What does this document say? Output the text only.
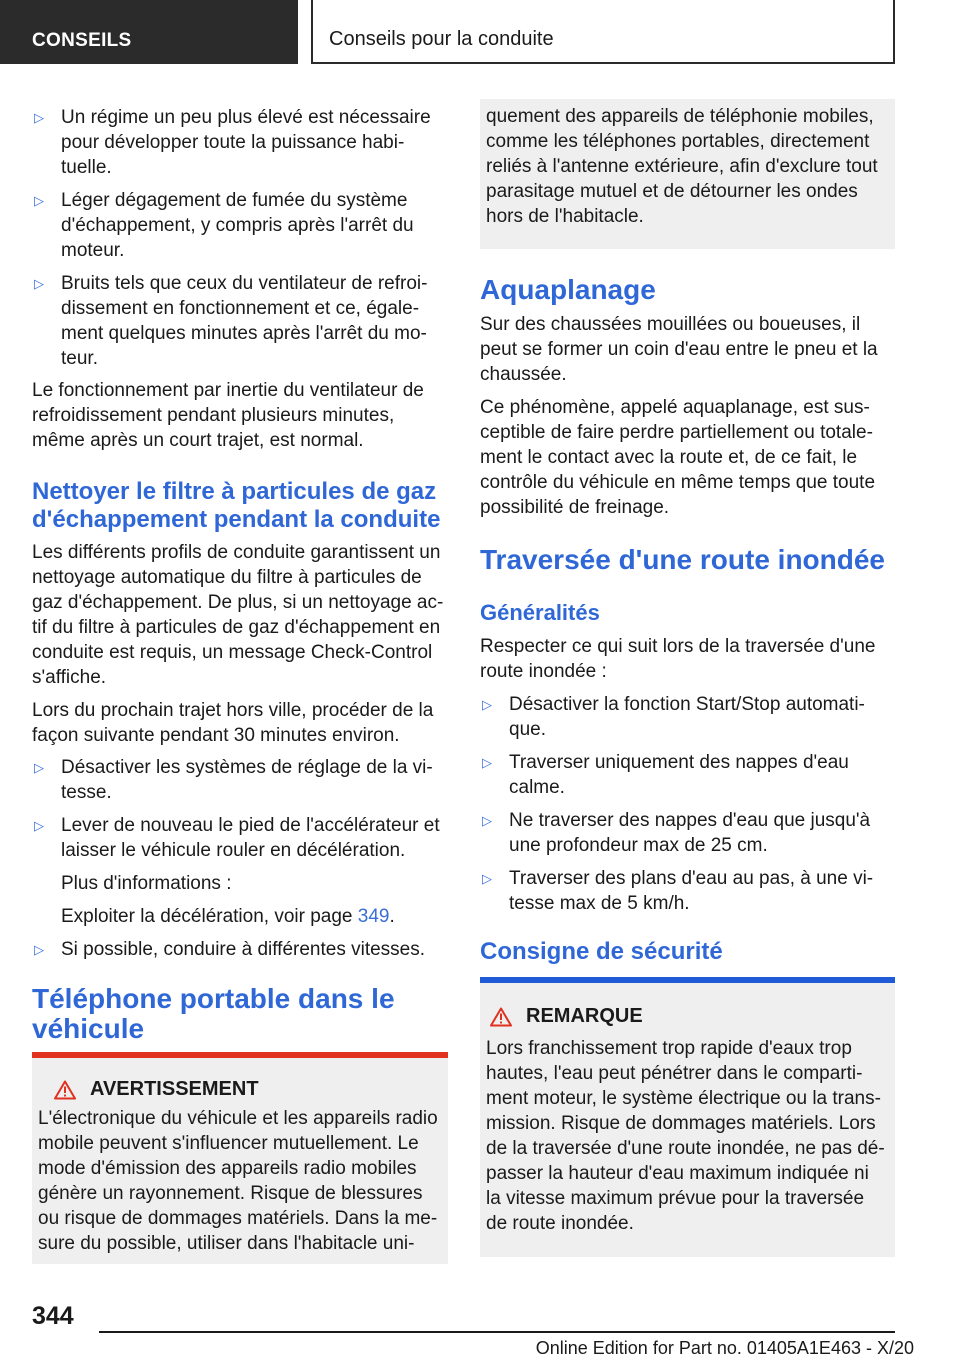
CONSEILS	Conseils pour la conduite
▷ Un régime un peu plus élevé est nécessaire pour développer toute la puissance habi-tuelle.
▷ Léger dégagement de fumée du système d'échappement, y compris après l'arrêt du moteur.
▷ Bruits tels que ceux du ventilateur de refroi-dissement en fonctionnement et ce, égale-ment quelques minutes après l'arrêt du mo-teur.

Le fonctionnement par inertie du ventilateur de refroidissement pendant plusieurs minutes, même après un court trajet, est normal.

Nettoyer le filtre à particules de gaz d'échappement pendant la conduite

Les différents profils de conduite garantissent un nettoyage automatique du filtre à particules de gaz d'échappement. De plus, si un nettoyage ac-tif du filtre à particules de gaz d'échappement en conduite est requis, un message Check-Control s'affiche.

Lors du prochain trajet hors ville, procéder de la façon suivante pendant 30 minutes environ.

▷ Désactiver les systèmes de réglage de la vi-tesse.
▷ Lever de nouveau le pied de l'accélérateur et laisser le véhicule rouler en décélération.
Plus d'informations :
Exploiter la décélération, voir page 349.
▷ Si possible, conduire à différentes vitesses.
Téléphone portable dans le véhicule
AVERTISSEMENT

L'électronique du véhicule et les appareils radio mobile peuvent s'influencer mutuellement. Le mode d'émission des appareils radio mobiles génère un rayonnement. Risque de blessures ou risque de dommages matériels. Dans la me-sure du possible, utiliser dans l'habitacle uni-

quement des appareils de téléphonie mobiles, comme les téléphones portables, directement reliés à l'antenne extérieure, afin d'exclure tout parasitage mutuel et de détourner les ondes hors de l'habitacle.

Aquaplanage

Sur des chaussées mouillées ou boueuses, il peut se former un coin d'eau entre le pneu et la chaussée.

Ce phénomène, appelé aquaplanage, est sus-ceptible de faire perdre partiellement ou totale-ment le contact avec la route et, de ce fait, le contrôle du véhicule en même temps que toute possibilité de freinage.

Traversée d'une route inondée
Généralités

Respecter ce qui suit lors de la traversée d'une route inondée :

▷ Désactiver la fonction Start/Stop automati-que.
▷ Traverser uniquement des nappes d'eau calme.
▷ Ne traverser des nappes d'eau que jusqu'à une profondeur max de 25 cm.
▷ Traverser des plans d'eau au pas, à une vi-tesse max de 5 km/h.
Consigne de sécurité
REMARQUE

Lors franchissement trop rapide d'eaux trop hautes, l'eau peut pénétrer dans le comparti-ment moteur, le système électrique ou la trans-mission. Risque de dommages matériels. Lors de la traversée d'une route inondée, ne pas dé-passer la hauteur d'eau maximum indiquée ni la vitesse maximum prévue pour la traversée de route inondée.

344
Online Edition for Part no. 01405A1E463 - X/20
